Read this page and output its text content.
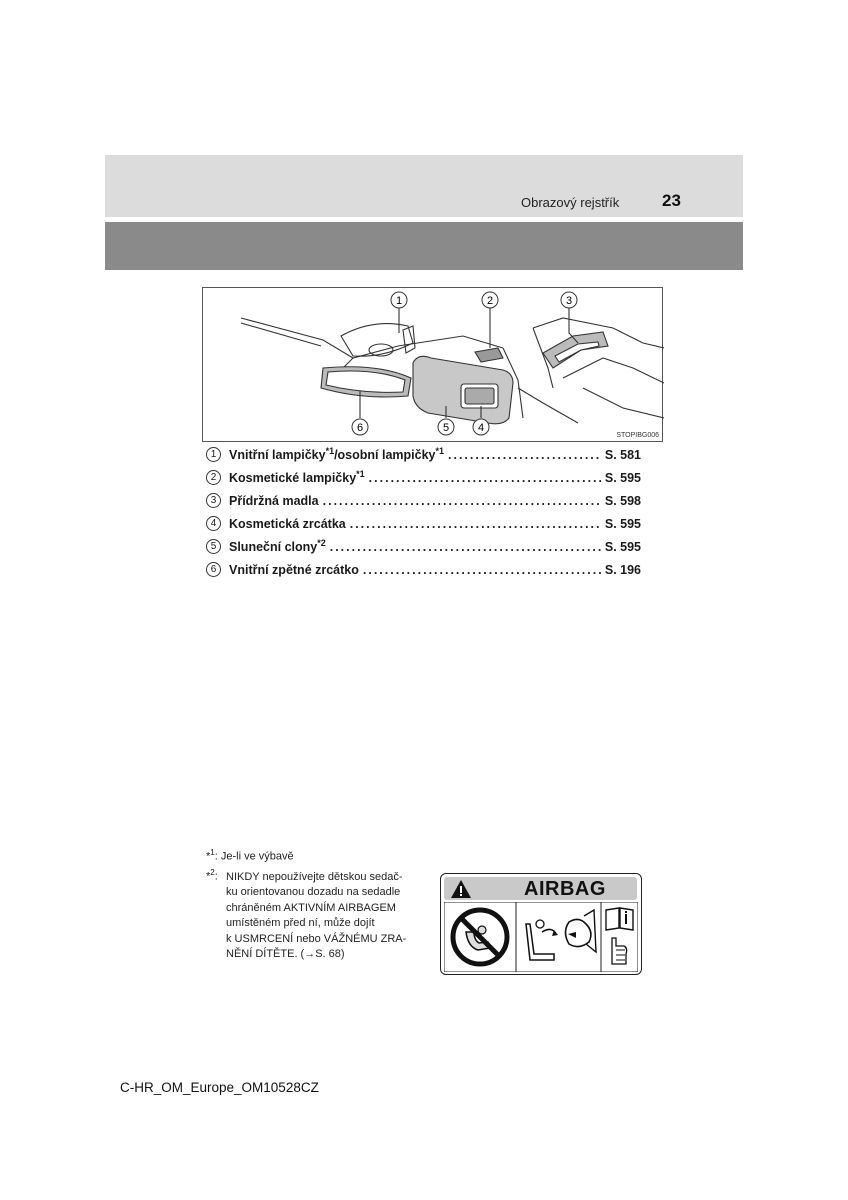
Obrazový rejstřík	23
1	2	3
4
5
6
STOPIBG006
1	Vnitřní lampičky$^{*1}$/osobní lampičky$^{*1}$ .....	S. 581
2	Kosmetické lampičky$^{*1}$ .....	S. 595
3	Přídržná madla .....	S. 598
4	Kosmetická zrcátka .....	S. 595
5	Sluneční clony$^{*2}$ .....	S. 595
6	Vnitřní zpětné zrcátko .....	S. 196
*$^1$: Je-li ve výbavě
*$^2$: NIKDY nepoužívejte dětskou sedač-
ku orientovanou dozadu na sedadle
chráněném AKTIVNÍM AIRBAGEM
umístěném před ní, může dojít
k USMRCENÍ nebo VÁŽNÉMU ZRA-
NĚNÍ DÍTĚTE. (→S. 68)
AIRBAG
C-HR_OM_Europe_OM10528CZ
